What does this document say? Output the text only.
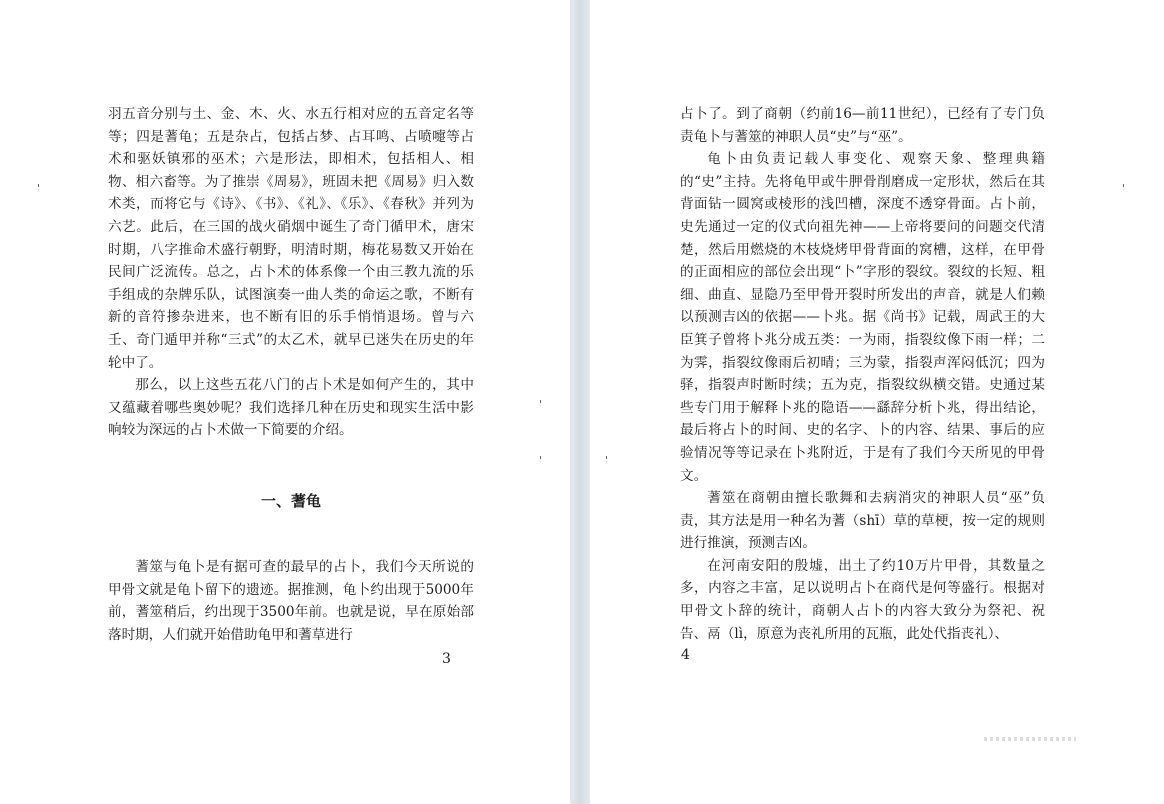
羽五音分别与土、金、木、火、水五行相对应的五音定名等等；四是蓍龟；五是杂占，包括占梦、占耳鸣、占喷嚏等占术和驱妖镇邪的巫术；六是形法，即相术，包括相人、相物、相六畜等。为了推崇《周易》，班固未把《周易》归入数术类，而将它与《诗》、《书》、《礼》、《乐》、《春秋》并列为六艺。此后，在三国的战火硝烟中诞生了奇门循甲术，唐宋时期，八字推命术盛行朝野，明清时期，梅花易数又开始在民间广泛流传。总之，占卜术的体系像一个由三教九流的乐手组成的杂牌乐队，试图演奏一曲人类的命运之歌，不断有新的音符掺杂进来，也不断有旧的乐手悄悄退场。曾与六壬、奇门遁甲并称“三式”的太乙术，就早已迷失在历史的年轮中了。

那么，以上这些五花八门的占卜术是如何产生的，其中又蕴藏着哪些奥妙呢？我们选择几种在历史和现实生活中影响较为深远的占卜术做一下简要的介绍。

一、蓍龟

蓍筮与龟卜是有据可查的最早的占卜，我们今天所说的甲骨文就是龟卜留下的遗迹。据推测，龟卜约出现于5000年前，蓍筮稍后，约出现于3500年前。也就是说，早在原始部落时期，人们就开始借助龟甲和蓍草进行

3

占卜了。到了商朝（约前16—前11世纪），已经有了专门负责龟卜与蓍筮的神职人员“史”与“巫”。

龟卜由负责记载人事变化、观察天象、整理典籍的“史”主持。先将龟甲或牛胛骨削磨成一定形状，然后在其背面钻一圆窝或棱形的浅凹槽，深度不透穿骨面。占卜前，史先通过一定的仪式向祖先神——上帝将要问的问题交代清楚，然后用燃烧的木枝烧烤甲骨背面的窝槽，这样，在甲骨的正面相应的部位会出现“卜”字形的裂纹。裂纹的长短、粗细、曲直、显隐乃至甲骨开裂时所发出的声音，就是人们赖以预测吉凶的依据——卜兆。据《尚书》记载，周武王的大臣箕子曾将卜兆分成五类：一为雨，指裂纹像下雨一样；二为霁，指裂纹像雨后初晴；三为蒙，指裂声浑闷低沉；四为驿，指裂声时断时续；五为克，指裂纹纵横交错。史通过某些专门用于解释卜兆的隐语——繇辞分析卜兆，得出结论，最后将占卜的时间、史的名字、卜的内容、结果、事后的应验情况等等记录在卜兆附近，于是有了我们今天所见的甲骨文。

蓍筮在商朝由擅长歌舞和去病消灾的神职人员“巫”负责，其方法是用一种名为蓍（shī）草的草梗，按一定的规则进行推演，预测吉凶。

在河南安阳的殷墟，出土了约10万片甲骨，其数量之多，内容之丰富，足以说明占卜在商代是何等盛行。根据对甲骨文卜辞的统计，商朝人占卜的内容大致分为祭祀、祝告、鬲（lì，原意为丧礼所用的瓦瓶，此处代指丧礼）、

4
